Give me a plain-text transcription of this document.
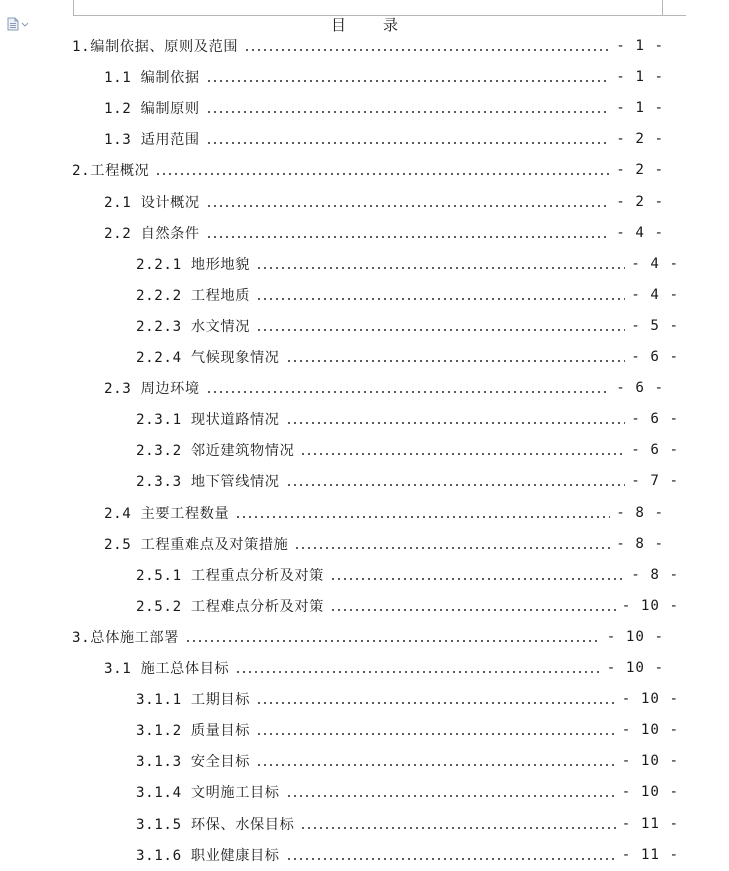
目 录
1.编制依据、原则及范围	- 1 -
1.1 编制依据	- 1 -
1.2 编制原则	- 1 -
1.3 适用范围	- 2 -
2.工程概况	- 2 -
2.1 设计概况	- 2 -
2.2 自然条件	- 4 -
2.2.1 地形地貌	- 4 -
2.2.2 工程地质	- 4 -
2.2.3 水文情况	- 5 -
2.2.4 气候现象情况	- 6 -
2.3 周边环境	- 6 -
2.3.1 现状道路情况	- 6 -
2.3.2 邻近建筑物情况	- 6 -
2.3.3 地下管线情况	- 7 -
2.4 主要工程数量	- 8 -
2.5 工程重难点及对策措施	- 8 -
2.5.1 工程重点分析及对策	- 8 -
2.5.2 工程难点分析及对策	- 10 -
3.总体施工部署	- 10 -
3.1 施工总体目标	- 10 -
3.1.1 工期目标	- 10 -
3.1.2 质量目标	- 10 -
3.1.3 安全目标	- 10 -
3.1.4 文明施工目标	- 10 -
3.1.5 环保、水保目标	- 11 -
3.1.6 职业健康目标	- 11 -
